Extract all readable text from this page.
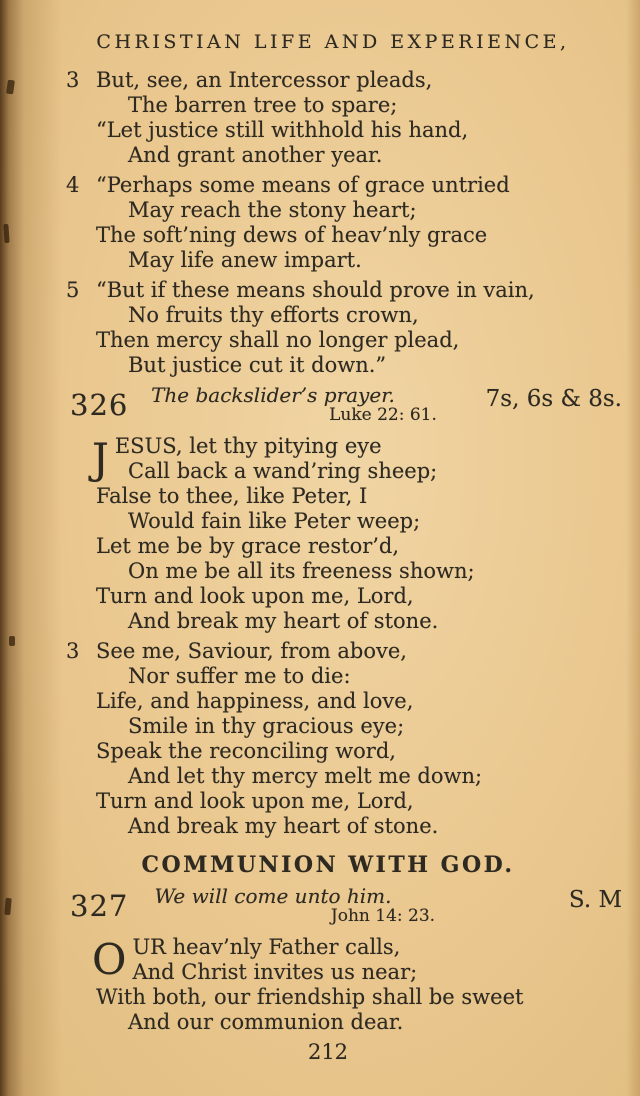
CHRISTIAN LIFE AND EXPERIENCE,
3 But, see, an Intercessor pleads,
The barren tree to spare;
“Let justice still withhold his hand,
And grant another year.
4 “Perhaps some means of grace untried
May reach the stony heart;
The soft’ning dews of heav’nly grace
May life anew impart.
5 “But if these means should prove in vain,
No fruits thy efforts crown,
Then mercy shall no longer plead,
But justice cut it down.”
326	The backslider’s prayer.
Luke 22: 61.
7s, 6s & 8s.
J ESUS, let thy pitying eye
Call back a wand’ring sheep;
False to thee, like Peter, I
Would fain like Peter weep;
Let me be by grace restor’d,
On me be all its freeness shown;
Turn and look upon me, Lord,
And break my heart of stone.
3 See me, Saviour, from above,
Nor suffer me to die:
Life, and happiness, and love,
Smile in thy gracious eye;
Speak the reconciling word,
And let thy mercy melt me down;
Turn and look upon me, Lord,
And break my heart of stone.
COMMUNION WITH GOD.
327	We will come unto him.
John 14: 23.
S. M
O UR heav’nly Father calls,
And Christ invites us near;
With both, our friendship shall be sweet
And our communion dear.
212
